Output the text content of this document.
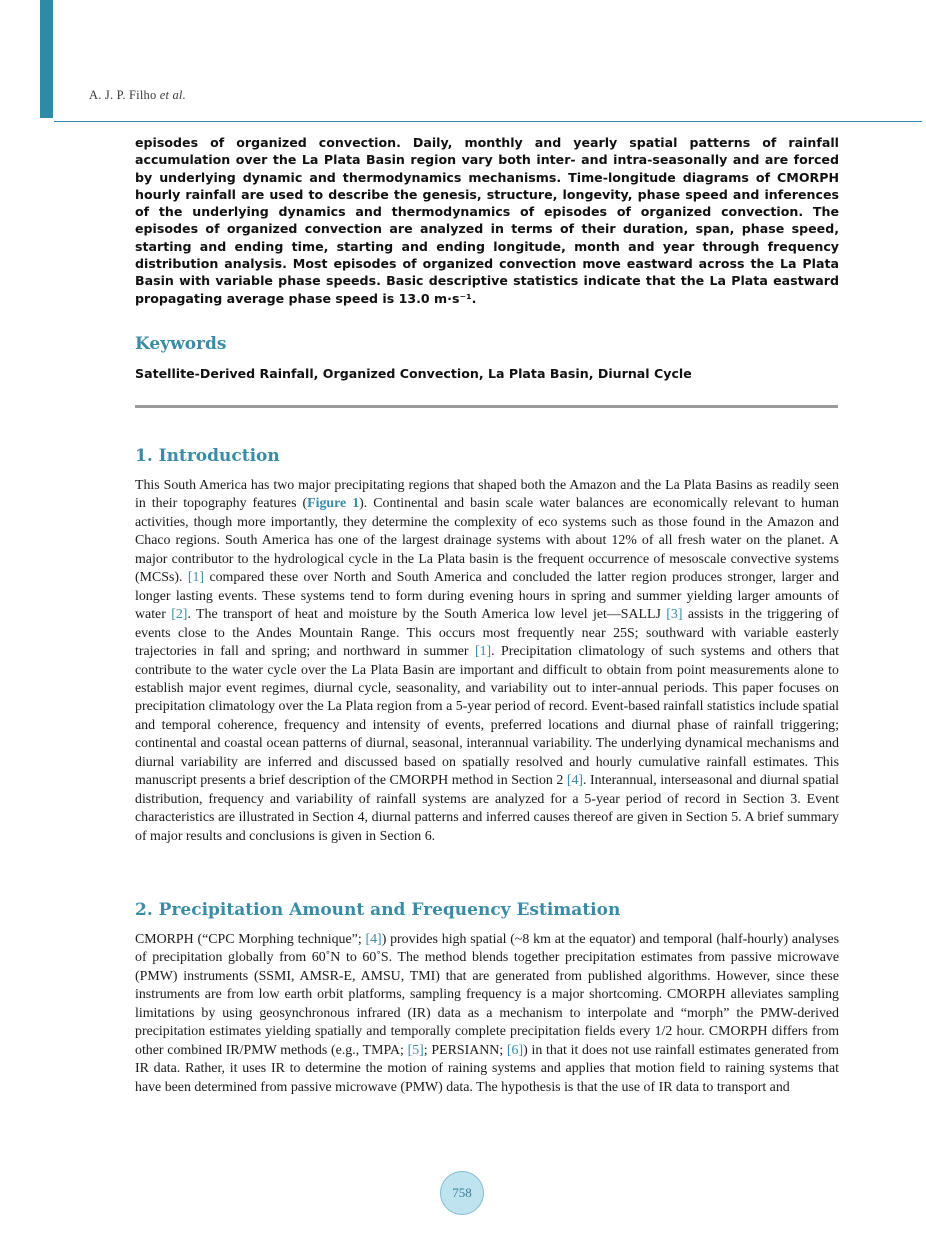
A. J. P. Filho et al.
episodes of organized convection. Daily, monthly and yearly spatial patterns of rainfall accumulation over the La Plata Basin region vary both inter- and intra-seasonally and are forced by underlying dynamic and thermodynamics mechanisms. Time-longitude diagrams of CMORPH hourly rainfall are used to describe the genesis, structure, longevity, phase speed and inferences of the underlying dynamics and thermodynamics of episodes of organized convection. The episodes of organized convection are analyzed in terms of their duration, span, phase speed, starting and ending time, starting and ending longitude, month and year through frequency distribution analysis. Most episodes of organized convection move eastward across the La Plata Basin with variable phase speeds. Basic descriptive statistics indicate that the La Plata eastward propagating average phase speed is 13.0 m·s⁻¹.
Keywords
Satellite-Derived Rainfall, Organized Convection, La Plata Basin, Diurnal Cycle
1. Introduction
This South America has two major precipitating regions that shaped both the Amazon and the La Plata Basins as readily seen in their topography features (Figure 1). Continental and basin scale water balances are economically relevant to human activities, though more importantly, they determine the complexity of eco systems such as those found in the Amazon and Chaco regions. South America has one of the largest drainage systems with about 12% of all fresh water on the planet. A major contributor to the hydrological cycle in the La Plata basin is the frequent occurrence of mesoscale convective systems (MCSs). [1] compared these over North and South America and concluded the latter region produces stronger, larger and longer lasting events. These systems tend to form during evening hours in spring and summer yielding larger amounts of water [2]. The transport of heat and moisture by the South America low level jet—SALLJ [3] assists in the triggering of events close to the Andes Mountain Range. This occurs most frequently near 25S; southward with variable easterly trajectories in fall and spring; and northward in summer [1]. Precipitation climatology of such systems and others that contribute to the water cycle over the La Plata Basin are important and difficult to obtain from point measurements alone to establish major event regimes, diurnal cycle, seasonality, and variability out to inter-annual periods. This paper focuses on precipitation climatology over the La Plata region from a 5-year period of record. Event-based rainfall statistics include spatial and temporal coherence, frequency and intensity of events, preferred locations and diurnal phase of rainfall triggering; continental and coastal ocean patterns of diurnal, seasonal, interannual variability. The underlying dynamical mechanisms and diurnal variability are inferred and discussed based on spatially resolved and hourly cumulative rainfall estimates. This manuscript presents a brief description of the CMORPH method in Section 2 [4]. Interannual, interseasonal and diurnal spatial distribution, frequency and variability of rainfall systems are analyzed for a 5-year period of record in Section 3. Event characteristics are illustrated in Section 4, diurnal patterns and inferred causes thereof are given in Section 5. A brief summary of major results and conclusions is given in Section 6.
2. Precipitation Amount and Frequency Estimation
CMORPH (“CPC Morphing technique”; [4]) provides high spatial (~8 km at the equator) and temporal (half-hourly) analyses of precipitation globally from 60˚N to 60˚S. The method blends together precipitation estimates from passive microwave (PMW) instruments (SSMI, AMSR-E, AMSU, TMI) that are generated from published algorithms. However, since these instruments are from low earth orbit platforms, sampling frequency is a major shortcoming. CMORPH alleviates sampling limitations by using geosynchronous infrared (IR) data as a mechanism to interpolate and “morph” the PMW-derived precipitation estimates yielding spatially and temporally complete precipitation fields every 1/2 hour. CMORPH differs from other combined IR/PMW methods (e.g., TMPA; [5]; PERSIANN; [6]) in that it does not use rainfall estimates generated from IR data. Rather, it uses IR to determine the motion of raining systems and applies that motion field to raining systems that have been determined from passive microwave (PMW) data. The hypothesis is that the use of IR data to transport and
758
